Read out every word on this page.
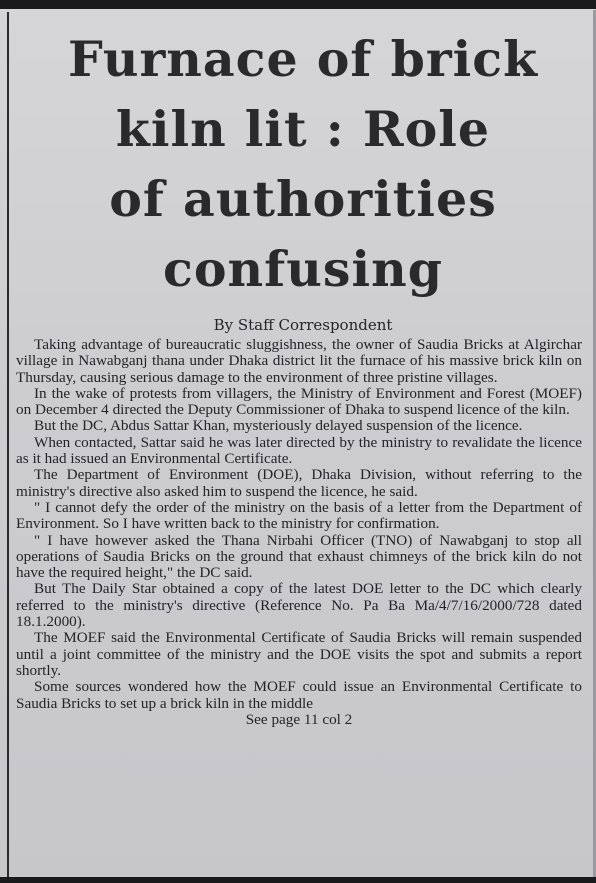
Furnace of brick
kiln lit : Role
of authorities
confusing
By Staff Correspondent

Taking advantage of bureaucratic sluggishness, the owner of Saudia Bricks at Algirchar village in Nawabganj thana under Dhaka district lit the furnace of his massive brick kiln on Thursday, causing serious damage to the environment of three pristine villages.

In the wake of protests from villagers, the Ministry of Environment and Forest (MOEF) on December 4 directed the Deputy Commissioner of Dhaka to suspend licence of the kiln.

But the DC, Abdus Sattar Khan, mysteriously delayed suspension of the licence.

When contacted, Sattar said he was later directed by the ministry to revalidate the licence as it had issued an Environmental Certificate.

The Department of Environment (DOE), Dhaka Division, without referring to the ministry's directive also asked him to suspend the licence, he said.

" I cannot defy the order of the ministry on the basis of a letter from the Department of Environment. So I have written back to the ministry for confirmation.

" I have however asked the Thana Nirbahi Officer (TNO) of Nawabganj to stop all operations of Saudia Bricks on the ground that exhaust chimneys of the brick kiln do not have the required height," the DC said.

But The Daily Star obtained a copy of the latest DOE letter to the DC which clearly referred to the ministry's directive (Reference No. Pa Ba Ma/4/7/16/2000/728 dated 18.1.2000).

The MOEF said the Environmental Certificate of Saudia Bricks will remain suspended until a joint committee of the ministry and the DOE visits the spot and submits a report shortly.

Some sources wondered how the MOEF could issue an Environmental Certificate to Saudia Bricks to set up a brick kiln in the middle

See page 11 col 2
